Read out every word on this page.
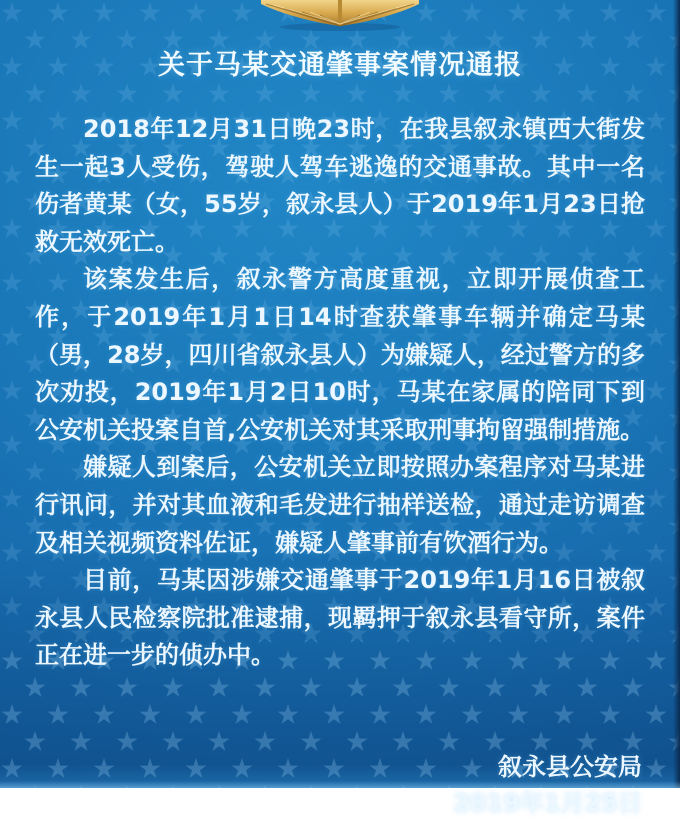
关于马某交通肇事案情况通报

2018年12月31日晚23时，在我县叙永镇西大街发生一起3人受伤，驾驶人驾车逃逸的交通事故。其中一名伤者黄某（女，55岁，叙永县人）于2019年1月23日抢救无效死亡。

该案发生后，叙永警方高度重视，立即开展侦查工作，于2019年1月1日14时查获肇事车辆并确定马某（男，28岁，四川省叙永县人）为嫌疑人，经过警方的多次劝投，2019年1月2日10时，马某在家属的陪同下到公安机关投案自首,公安机关对其采取刑事拘留强制措施。

嫌疑人到案后，公安机关立即按照办案程序对马某进行讯问，并对其血液和毛发进行抽样送检，通过走访调查及相关视频资料佐证，嫌疑人肇事前有饮酒行为。

目前，马某因涉嫌交通肇事于2019年1月16日被叙永县人民检察院批准逮捕，现羁押于叙永县看守所，案件正在进一步的侦办中。

叙永县公安局
2019年1月25日
